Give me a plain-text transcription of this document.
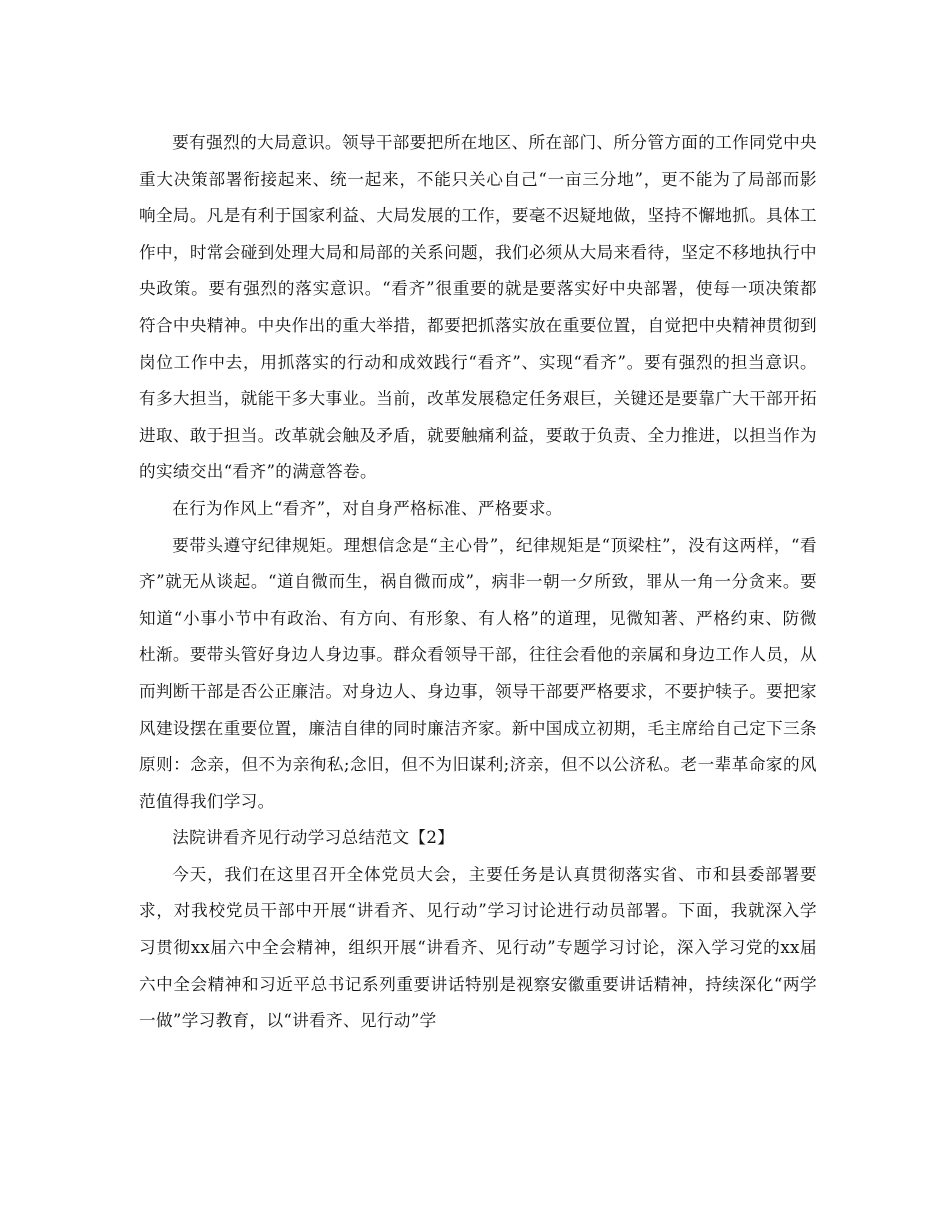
要有强烈的大局意识。领导干部要把所在地区、所在部门、所分管方面的工作同党中央重大决策部署衔接起来、统一起来，不能只关心自己“一亩三分地”，更不能为了局部而影响全局。凡是有利于国家利益、大局发展的工作，要毫不迟疑地做，坚持不懈地抓。具体工作中，时常会碰到处理大局和局部的关系问题，我们必须从大局来看待，坚定不移地执行中央政策。要有强烈的落实意识。“看齐”很重要的就是要落实好中央部署，使每一项决策都符合中央精神。中央作出的重大举措，都要把抓落实放在重要位置，自觉把中央精神贯彻到岗位工作中去，用抓落实的行动和成效践行“看齐”、实现“看齐”。要有强烈的担当意识。有多大担当，就能干多大事业。当前，改革发展稳定任务艰巨，关键还是要靠广大干部开拓进取、敢于担当。改革就会触及矛盾，就要触痛利益，要敢于负责、全力推进，以担当作为的实绩交出“看齐”的满意答卷。

在行为作风上“看齐”，对自身严格标准、严格要求。

要带头遵守纪律规矩。理想信念是“主心骨”，纪律规矩是“顶梁柱”，没有这两样，“看齐”就无从谈起。“道自微而生，祸自微而成”，病非一朝一夕所致，罪从一角一分贪来。要知道“小事小节中有政治、有方向、有形象、有人格”的道理，见微知著、严格约束、防微杜渐。要带头管好身边人身边事。群众看领导干部，往往会看他的亲属和身边工作人员，从而判断干部是否公正廉洁。对身边人、身边事，领导干部要严格要求，不要护犊子。要把家风建设摆在重要位置，廉洁自律的同时廉洁齐家。新中国成立初期，毛主席给自己定下三条原则：念亲，但不为亲徇私;念旧，但不为旧谋利;济亲，但不以公济私。老一辈革命家的风范值得我们学习。

法院讲看齐见行动学习总结范文【2】

今天，我们在这里召开全体党员大会，主要任务是认真贯彻落实省、市和县委部署要求，对我校党员干部中开展“讲看齐、见行动”学习讨论进行动员部署。下面，我就深入学习贯彻xx届六中全会精神，组织开展“讲看齐、见行动”专题学习讨论，深入学习党的xx届六中全会精神和习近平总书记系列重要讲话特别是视察安徽重要讲话精神，持续深化“两学一做”学习教育，以“讲看齐、见行动”学
